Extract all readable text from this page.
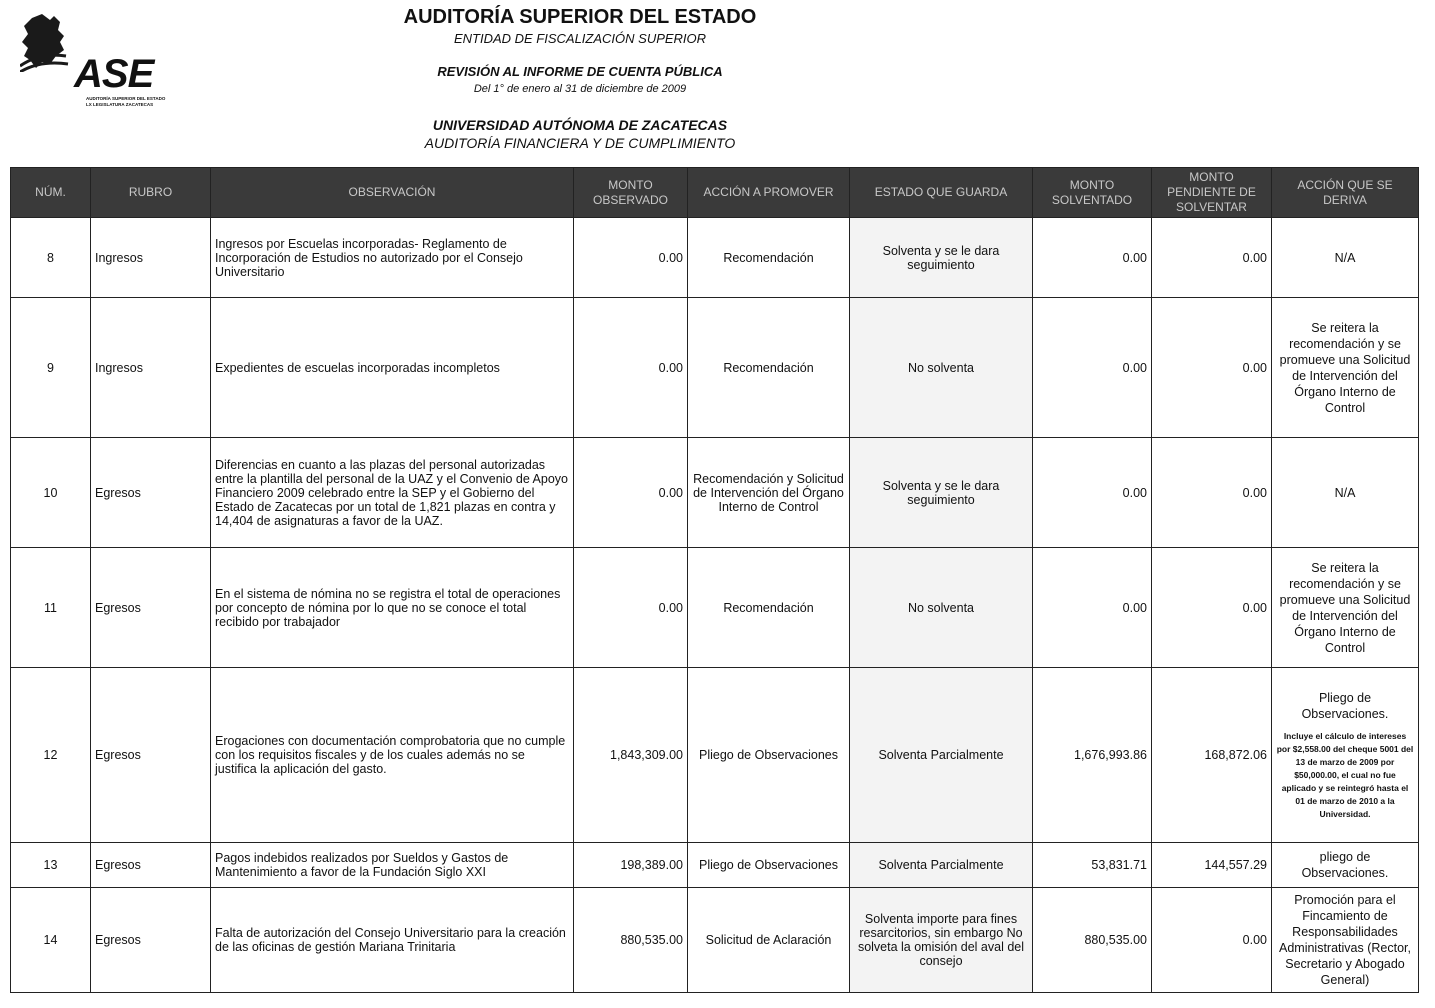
ASE
AUDITORÍA SUPERIOR DEL ESTADO
LX LEGISLATURA ZACATECAS
AUDITORÍA SUPERIOR DEL ESTADO
ENTIDAD DE FISCALIZACIÓN SUPERIOR
REVISIÓN AL INFORME DE CUENTA PÚBLICA
Del 1° de enero al 31 de diciembre de 2009
UNIVERSIDAD AUTÓNOMA DE ZACATECAS
AUDITORÍA FINANCIERA Y DE CUMPLIMIENTO
NÚM.	RUBRO	OBSERVACIÓN	MONTO OBSERVADO	ACCIÓN A PROMOVER	ESTADO QUE GUARDA	MONTO SOLVENTADO	MONTO PENDIENTE DE SOLVENTAR	ACCIÓN QUE SE DERIVA
8	Ingresos	Ingresos por Escuelas incorporadas- Reglamento de Incorporación de Estudios no autorizado por el Consejo Universitario	0.00	Recomendación	Solventa y se le dara seguimiento	0.00	0.00	N/A

9	Ingresos	Expedientes de escuelas incorporadas incompletos	0.00	Recomendación	No solventa	0.00	0.00	Se reitera la recomendación y se promueve una Solicitud de Intervención del Órgano Interno de Control

10	Egresos	Diferencias en cuanto a las plazas del personal autorizadas entre la plantilla del personal de la UAZ y el Convenio de Apoyo Financiero 2009 celebrado entre la SEP y el Gobierno del Estado de Zacatecas por un total de 1,821 plazas en contra y 14,404 de asignaturas a favor de la UAZ.	0.00	Recomendación y Solicitud de Intervención del Órgano Interno de Control	Solventa y se le dara seguimiento	0.00	0.00	N/A

11	Egresos	En el sistema de nómina no se registra el total de operaciones por concepto de nómina por lo que no se conoce el total recibido por trabajador	0.00	Recomendación	No solventa	0.00	0.00	Se reitera la recomendación y se promueve una Solicitud de Intervención del Órgano Interno de Control

12	Egresos	Erogaciones con documentación comprobatoria que no cumple con los requisitos fiscales y de los cuales además no se justifica la aplicación del gasto.	1,843,309.00	Pliego de Observaciones	Solventa Parcialmente	1,676,993.86	168,872.06	Pliego de Observaciones.
Incluye el cálculo de intereses por $2,558.00 del cheque 5001 del 13 de marzo de 2009 por $50,000.00, el cual no fue aplicado y se reintegró hasta el 01 de marzo de 2010 a la Universidad.

13	Egresos	Pagos indebidos realizados por Sueldos y Gastos de Mantenimiento a favor de la Fundación Siglo XXI	198,389.00	Pliego de Observaciones	Solventa Parcialmente	53,831.71	144,557.29	pliego de Observaciones.

14	Egresos	Falta de autorización del Consejo Universitario para la creación de las oficinas de gestión Mariana Trinitaria	880,535.00	Solicitud de Aclaración	Solventa importe para fines resarcitorios, sin embargo No solveta la omisión del aval del consejo	880,535.00	0.00	Promoción para el Fincamiento de Responsabilidades Administrativas (Rector, Secretario y Abogado General)
